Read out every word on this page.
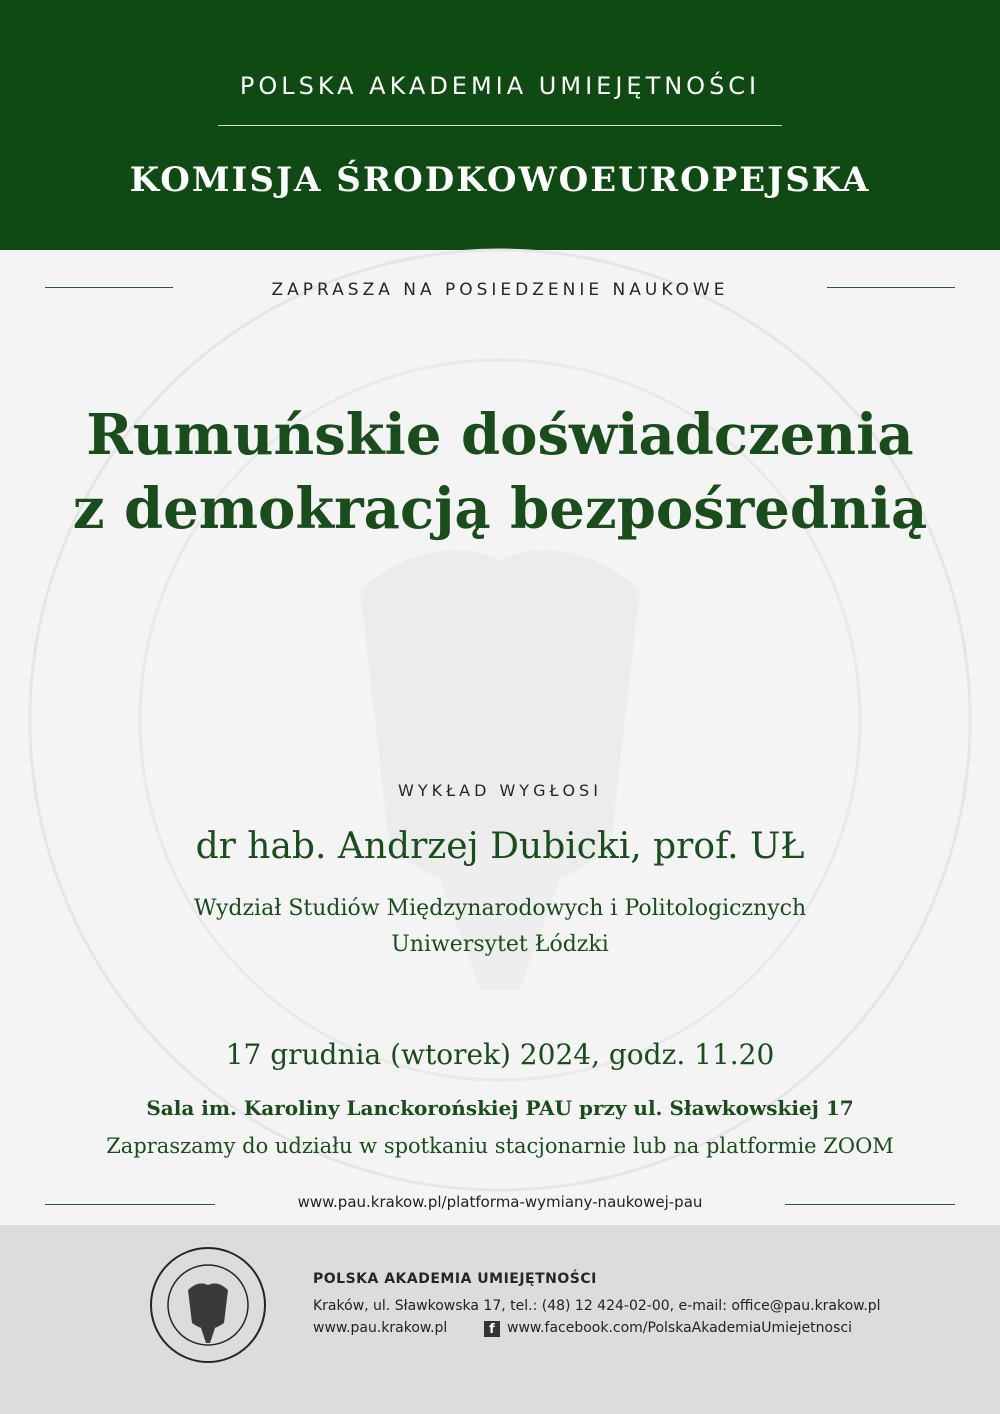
POLSKA AKADEMIA UMIEJĘTNOŚCI
KOMISJA ŚRODKOWOEUROPEJSKA
ZAPRASZA NA POSIEDZENIE NAUKOWE
Rumuńskie doświadczenia
z demokracją bezpośrednią
WYKŁAD WYGŁOSI
dr hab. Andrzej Dubicki, prof. UŁ
Wydział Studiów Międzynarodowych i Politologicznych
Uniwersytet Łódzki
17 grudnia (wtorek) 2024, godz. 11.20
Sala im. Karoliny Lanckorońskiej PAU przy ul. Sławkowskiej 17
Zapraszamy do udziału w spotkaniu stacjonarnie lub na platformie ZOOM
www.pau.krakow.pl/platforma-wymiany-naukowej-pau
POLSKA AKADEMIA UMIEJĘTNOŚCI
Kraków, ul. Sławkowska 17, tel.: (48) 12 424-02-00, e-mail: office@pau.krakow.pl
www.pau.krakow.pl	f www.facebook.com/PolskaAkademiaUmiejetnosci
